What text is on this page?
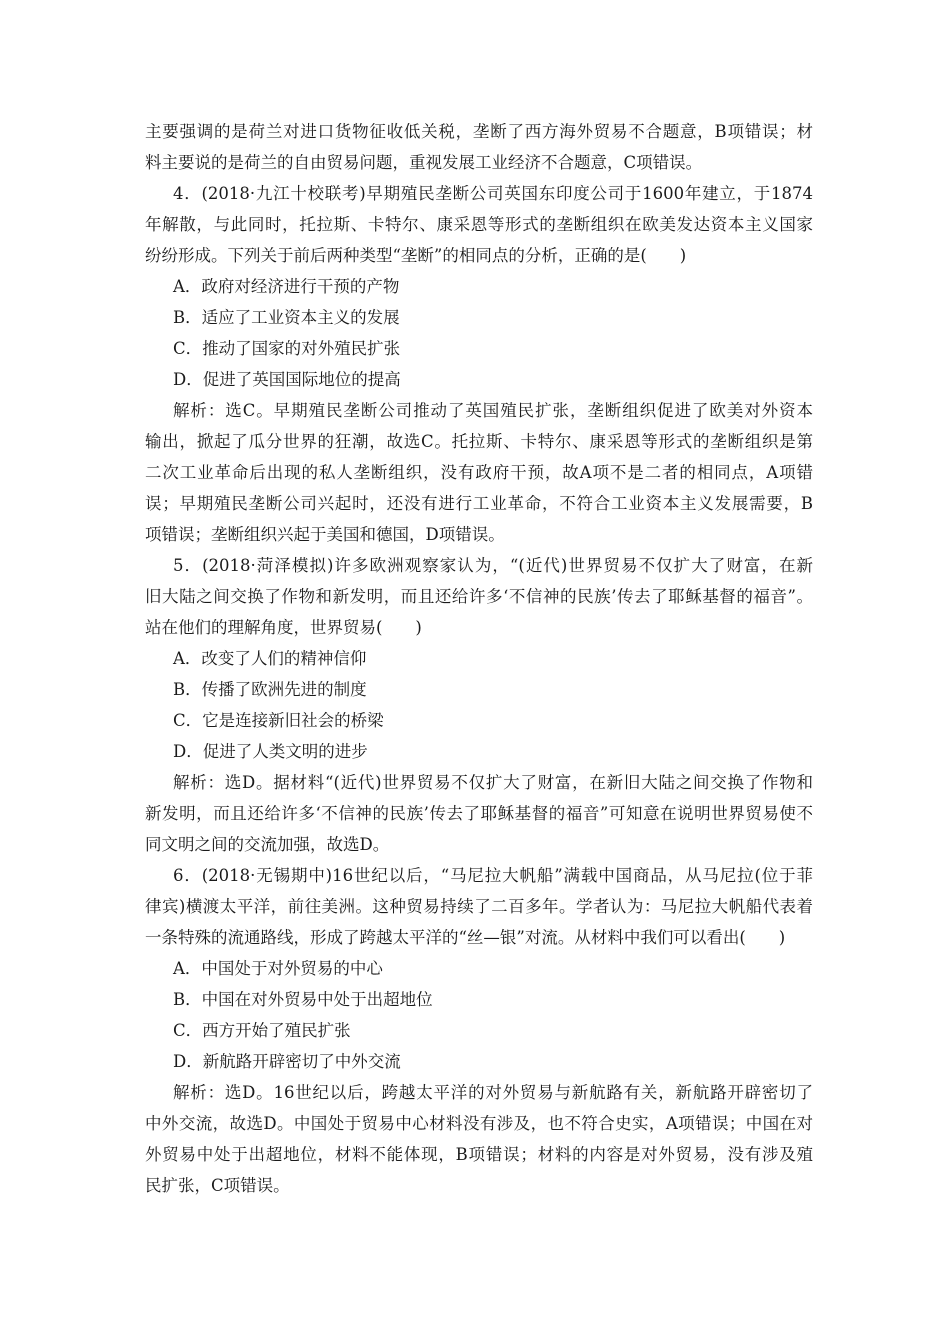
主要强调的是荷兰对进口货物征收低关税，垄断了西方海外贸易不合题意，B项错误；材
料主要说的是荷兰的自由贸易问题，重视发展工业经济不合题意，C项错误。
4．(2018·九江十校联考)早期殖民垄断公司英国东印度公司于1600年建立，于1874
年解散，与此同时，托拉斯、卡特尔、康采恩等形式的垄断组织在欧美发达资本主义国家
纷纷形成。下列关于前后两种类型“垄断”的相同点的分析，正确的是(　　)
A．政府对经济进行干预的产物
B．适应了工业资本主义的发展
C．推动了国家的对外殖民扩张
D．促进了英国国际地位的提高
解析：选C。早期殖民垄断公司推动了英国殖民扩张，垄断组织促进了欧美对外资本
输出，掀起了瓜分世界的狂潮，故选C。托拉斯、卡特尔、康采恩等形式的垄断组织是第
二次工业革命后出现的私人垄断组织，没有政府干预，故A项不是二者的相同点，A项错
误；早期殖民垄断公司兴起时，还没有进行工业革命，不符合工业资本主义发展需要，B
项错误；垄断组织兴起于美国和德国，D项错误。
5．(2018·菏泽模拟)许多欧洲观察家认为，“(近代)世界贸易不仅扩大了财富，在新
旧大陆之间交换了作物和新发明，而且还给许多‘不信神的民族’传去了耶稣基督的福音”。
站在他们的理解角度，世界贸易(　　)
A．改变了人们的精神信仰
B．传播了欧洲先进的制度
C．它是连接新旧社会的桥梁
D．促进了人类文明的进步
解析：选D。据材料“(近代)世界贸易不仅扩大了财富，在新旧大陆之间交换了作物和
新发明，而且还给许多‘不信神的民族’传去了耶稣基督的福音”可知意在说明世界贸易使不
同文明之间的交流加强，故选D。
6．(2018·无锡期中)16世纪以后，“马尼拉大帆船”满载中国商品，从马尼拉(位于菲
律宾)横渡太平洋，前往美洲。这种贸易持续了二百多年。学者认为：马尼拉大帆船代表着
一条特殊的流通路线，形成了跨越太平洋的“丝—银”对流。从材料中我们可以看出(　　)
A．中国处于对外贸易的中心
B．中国在对外贸易中处于出超地位
C．西方开始了殖民扩张
D．新航路开辟密切了中外交流
解析：选D。16世纪以后，跨越太平洋的对外贸易与新航路有关，新航路开辟密切了
中外交流，故选D。中国处于贸易中心材料没有涉及，也不符合史实，A项错误；中国在对
外贸易中处于出超地位，材料不能体现，B项错误；材料的内容是对外贸易，没有涉及殖
民扩张，C项错误。
